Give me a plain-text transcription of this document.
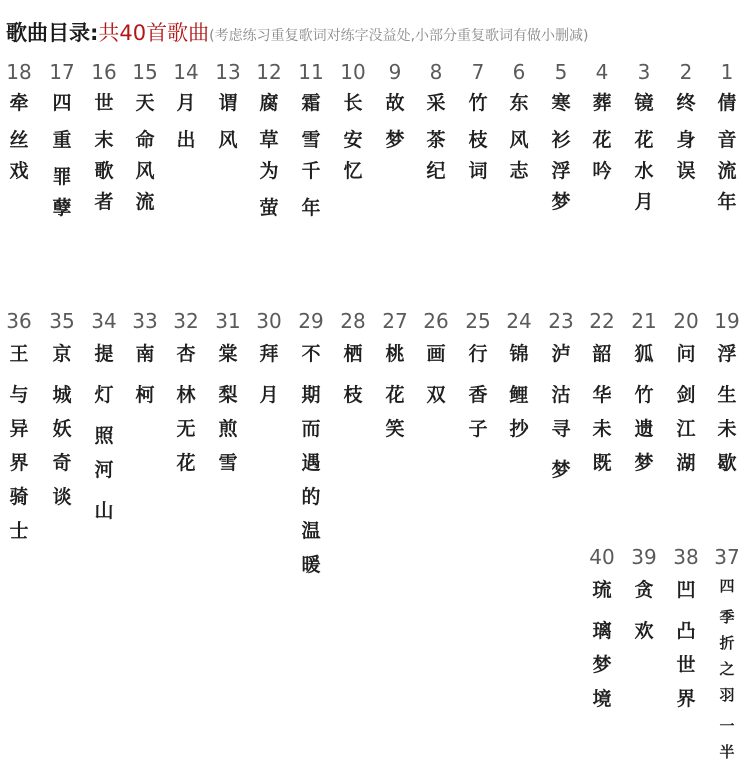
歌曲目录:共40首歌曲(考虑练习重复歌词对练字没益处,小部分重复歌词有做小删减)
1
倩
音
流
年
2
终
身
误
3
镜
花
水
月
4
葬
花
吟
5
寒
衫
浮
梦
6
东
风
志
7
竹
枝
词
8
采
茶
纪
9
故
梦
10
长
安
忆
11
霜
雪
千
年
12
腐
草
为
萤
13
谓
风
14
月
出
15
天
命
风
流
16
世
末
歌
者
17
四
重
罪
孽
18
牵
丝
戏
19
浮
生
未
歇
20
问
剑
江
湖
21
狐
竹
遗
梦
22
韶
华
未
既
23
泸
沽
寻
梦
24
锦
鲤
抄
25
行
香
子
26
画
双
27
桃
花
笑
28
栖
枝
29
不
期
而
遇
的
温
暖
30
拜
月
31
棠
梨
煎
雪
32
杏
林
无
花
33
南
柯
34
提
灯
照
河
山
35
京
城
妖
奇
谈
36
王
与
异
界
骑
士
37
四
季
折
之
羽
一
半
38
凹
凸
世
界
39
贪
欢
40
琉
璃
梦
境
